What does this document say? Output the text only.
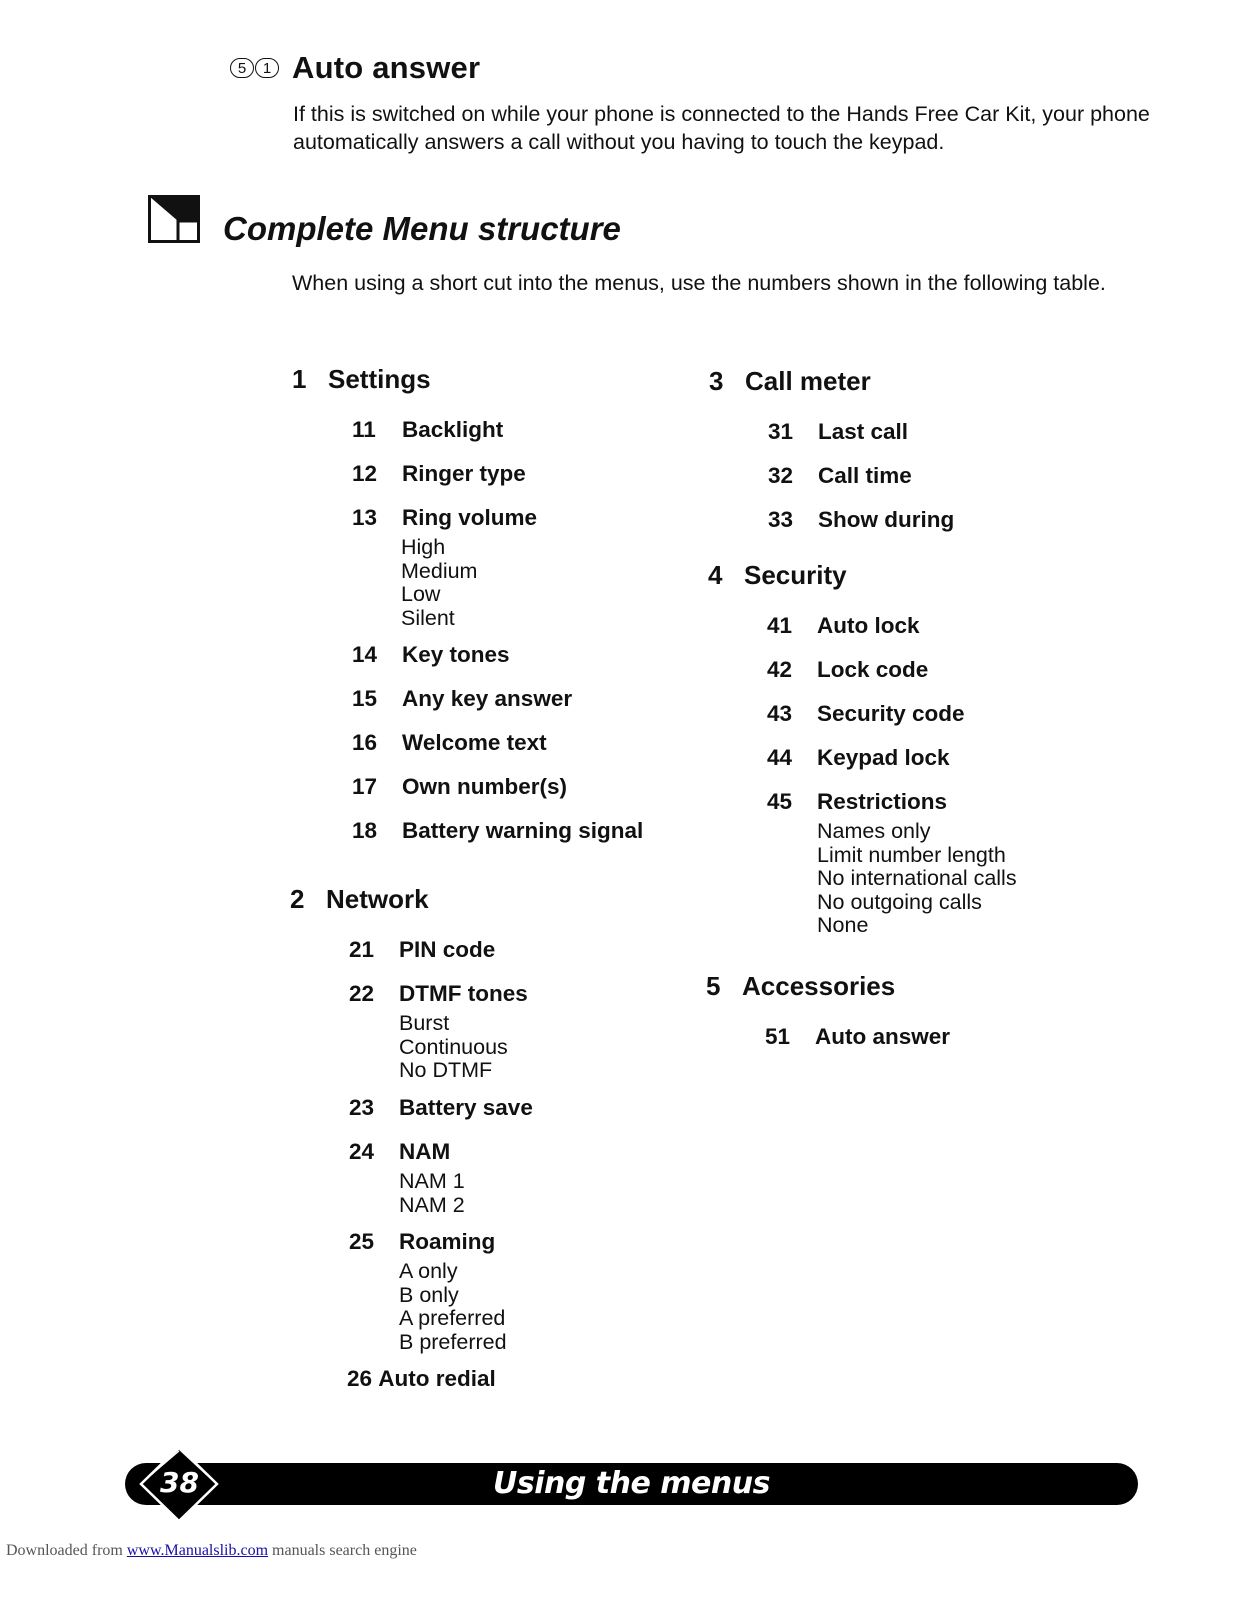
5	1 Auto answer
If this is switched on while your phone is connected to the Hands Free Car Kit, your phone automatically answers a call without you having to touch the keypad.
Complete Menu structure
When using a short cut into the menus, use the numbers shown in the following table.
1 Settings
11 Backlight
12 Ringer type
13 Ring volume
High
Medium
Low
Silent
14 Key tones
15 Any key answer
16 Welcome text
17 Own number(s)
18 Battery warning signal
2 Network
21 PIN code
22 DTMF tones
Burst
Continuous
No DTMF
23 Battery save
24 NAM
NAM 1
NAM 2
25 Roaming
A only
B only
A preferred
B preferred
26 Auto redial
3 Call meter
31 Last call
32 Call time
33 Show during
4 Security
41 Auto lock
42 Lock code
43 Security code
44 Keypad lock
45 Restrictions
Names only
Limit number length
No international calls
No outgoing calls
None
5 Accessories
51 Auto answer
38	Using the menus
Downloaded from www.Manualslib.com manuals search engine
